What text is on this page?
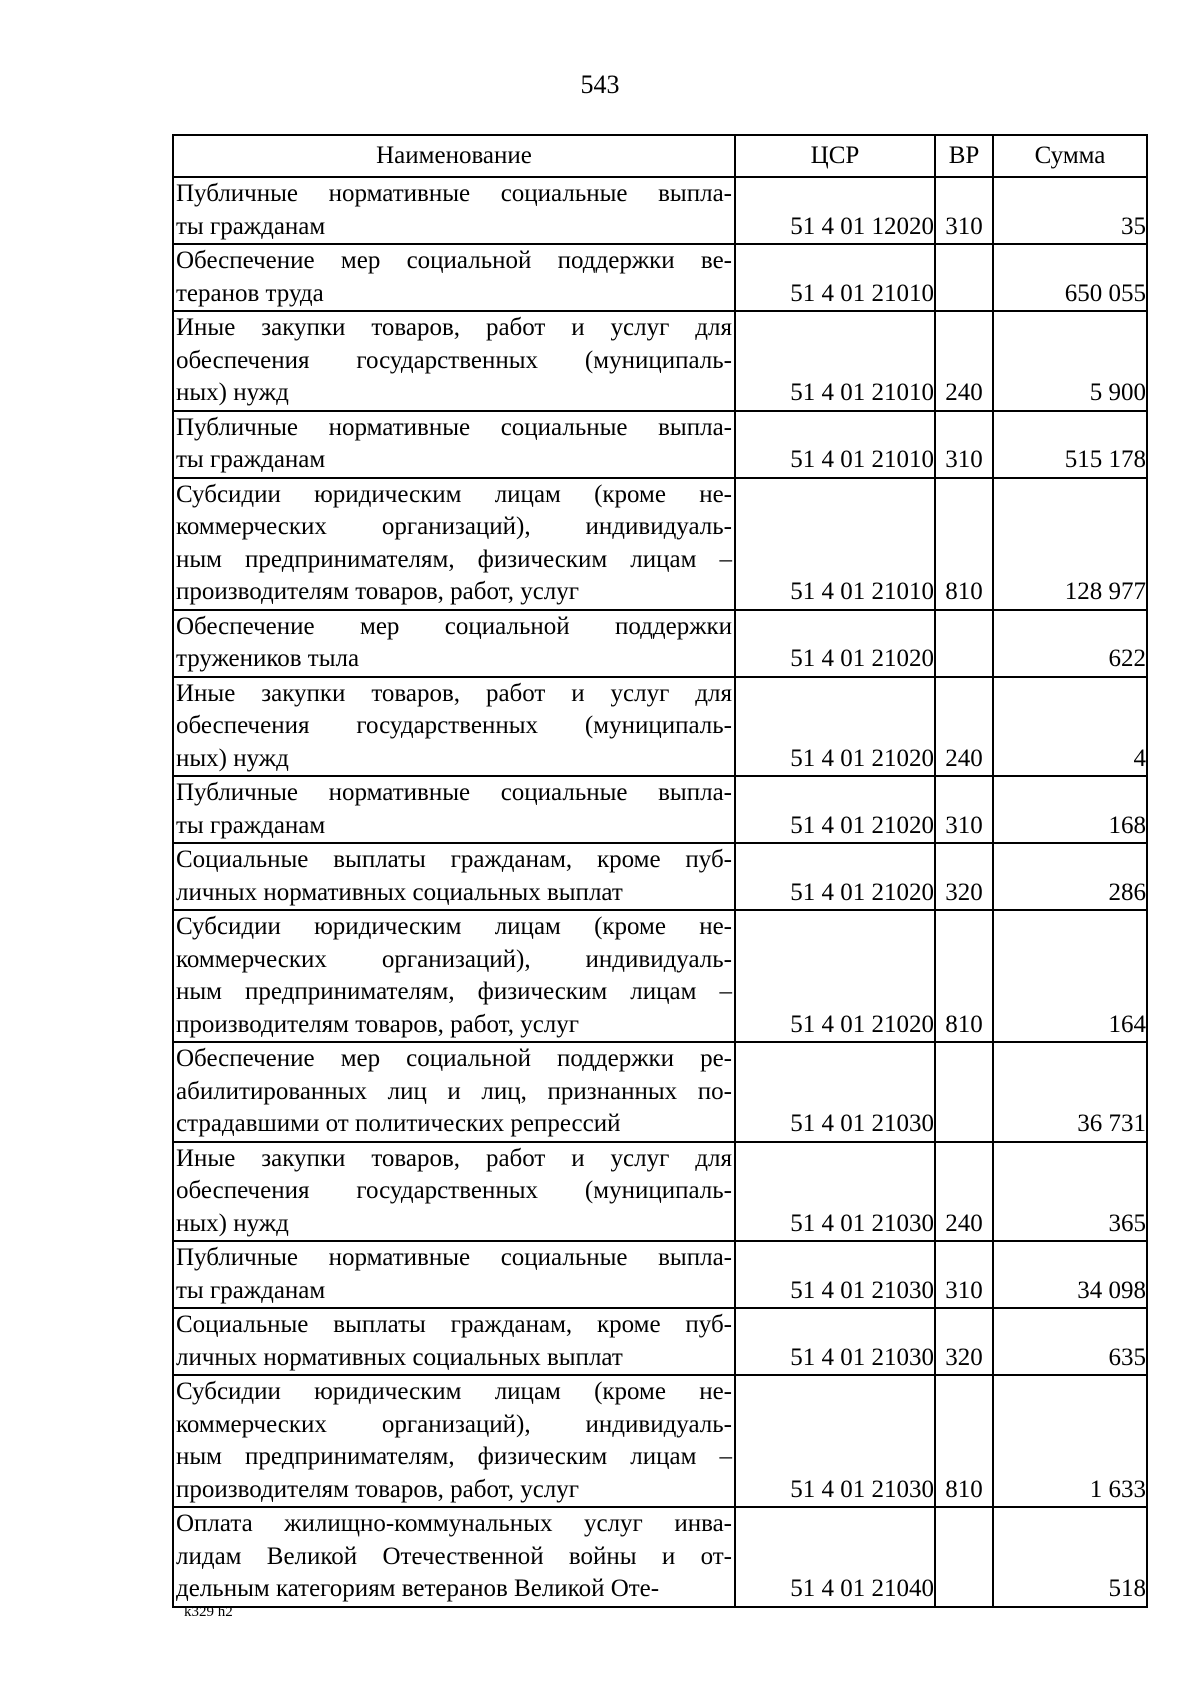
543
Наименование	ЦСР	ВР	Сумма

Публичные нормативные социальные выпла-
ты гражданам	51 4 01 12020	310	35

Обеспечение мер социальной поддержки ве-
теранов труда	51 4 01 21010		650 055

Иные закупки товаров, работ и услуг для
обеспечения государственных (муниципаль-
ных) нужд	51 4 01 21010	240	5 900

Публичные нормативные социальные выпла-
ты гражданам	51 4 01 21010	310	515 178

Субсидии юридическим лицам (кроме не-
коммерческих организаций), индивидуаль-
ным предпринимателям, физическим лицам –
производителям товаров, работ, услуг	51 4 01 21010	810	128 977

Обеспечение мер социальной поддержки
тружеников тыла	51 4 01 21020		622

Иные закупки товаров, работ и услуг для
обеспечения государственных (муниципаль-
ных) нужд	51 4 01 21020	240	4

Публичные нормативные социальные выпла-
ты гражданам	51 4 01 21020	310	168

Социальные выплаты гражданам, кроме пуб-
личных нормативных социальных выплат	51 4 01 21020	320	286

Субсидии юридическим лицам (кроме не-
коммерческих организаций), индивидуаль-
ным предпринимателям, физическим лицам –
производителям товаров, работ, услуг	51 4 01 21020	810	164

Обеспечение мер социальной поддержки ре-
абилитированных лиц и лиц, признанных по-
страдавшими от политических репрессий	51 4 01 21030		36 731

Иные закупки товаров, работ и услуг для
обеспечения государственных (муниципаль-
ных) нужд	51 4 01 21030	240	365

Публичные нормативные социальные выпла-
ты гражданам	51 4 01 21030	310	34 098

Социальные выплаты гражданам, кроме пуб-
личных нормативных социальных выплат	51 4 01 21030	320	635

Субсидии юридическим лицам (кроме не-
коммерческих организаций), индивидуаль-
ным предпринимателям, физическим лицам –
производителям товаров, работ, услуг	51 4 01 21030	810	1 633

Оплата жилищно-коммунальных услуг инва-
лидам Великой Отечественной войны и от-
дельным категориям ветеранов Великой Оте-	51 4 01 21040		518
k329 h2
